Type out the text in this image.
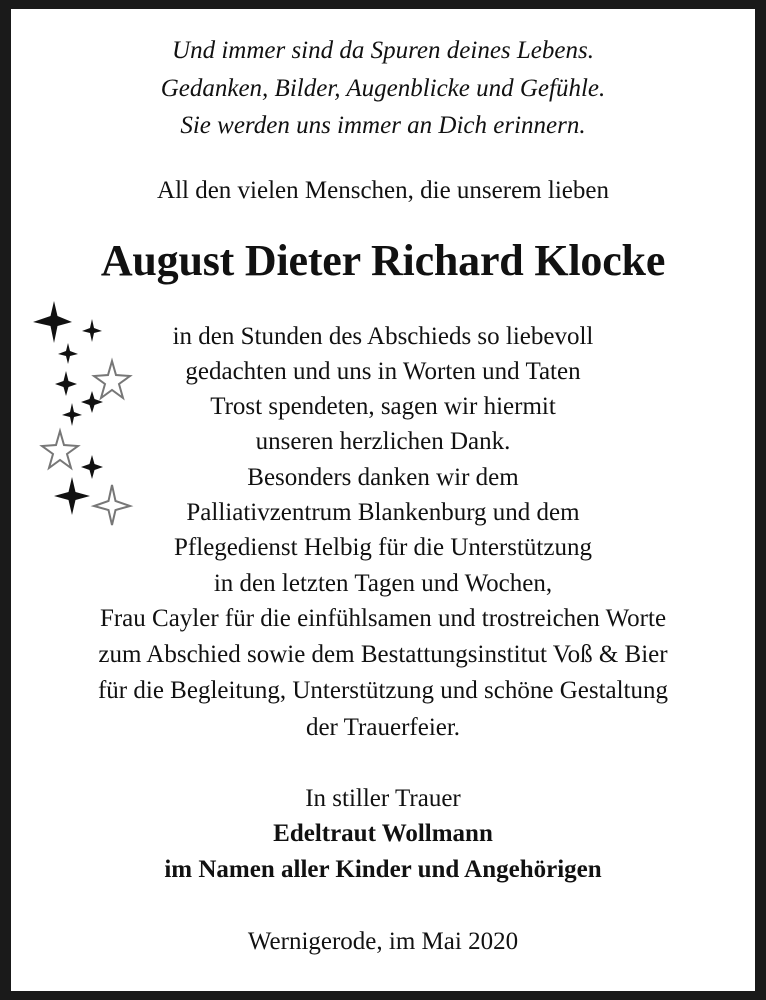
Und immer sind da Spuren deines Lebens.
Gedanken, Bilder, Augenblicke und Gefühle.
Sie werden uns immer an Dich erinnern.
All den vielen Menschen, die unserem lieben
August Dieter Richard Klocke
in den Stunden des Abschieds so liebevoll
gedachten und uns in Worten und Taten
Trost spendeten, sagen wir hiermit
unseren herzlichen Dank.
Besonders danken wir dem
Palliativzentrum Blankenburg und dem
Pflegedienst Helbig für die Unterstützung
in den letzten Tagen und Wochen,
Frau Cayler für die einfühlsamen und trostreichen Worte
zum Abschied sowie dem Bestattungsinstitut Voß & Bier
für die Begleitung, Unterstützung und schöne Gestaltung
der Trauerfeier.
In stiller Trauer
Edeltraut Wollmann
im Namen aller Kinder und Angehörigen
Wernigerode, im Mai 2020
